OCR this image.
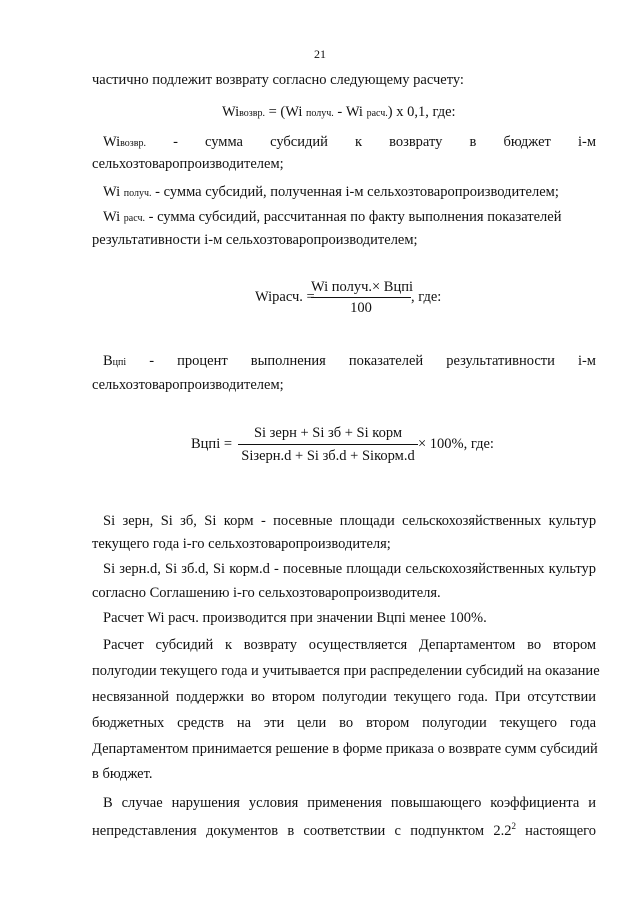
21
частично подлежит возврату согласно следующему расчету:
Wiвозвр. = (Wi получ. - Wi расч.) x 0,1, где:
Wiвозвр. - сумма субсидий к возврату в бюджет i-м
сельхозтоваропроизводителем;
Wi получ. - сумма субсидий, полученная i-м сельхозтоваропроизводителем;
Wi расч. - сумма субсидий, рассчитанная по факту выполнения показателей
результативности i-м сельхозтоваропроизводителем;
Wiрасч. =
Wi получ.× Вцпi
100
, где:
Вцпi - процент выполнения показателей результативности i-м
сельхозтоваропроизводителем;
Вцпi =
Si зерн + Si зб + Si корм
Siзерн.d + Si зб.d + Siкорм.d
× 100%, где:
Si зерн, Si зб, Si корм - посевные площади сельскохозяйственных культур
текущего года i-го сельхозтоваропроизводителя;
Si зерн.d, Si зб.d, Si корм.d - посевные площади сельскохозяйственных культур
согласно Соглашению i-го сельхозтоваропроизводителя.
Расчет Wi расч. производится при значении Вцпi менее 100%.
Расчет субсидий к возврату осуществляется Департаментом во втором
полугодии текущего года и учитывается при распределении субсидий на оказание
несвязанной поддержки во втором полугодии текущего года. При отсутствии
бюджетных средств на эти цели во втором полугодии текущего года
Департаментом принимается решение в форме приказа о возврате сумм субсидий
в бюджет.
В случае нарушения условия применения повышающего коэффициента и
непредставления документов в соответствии с подпунктом $2.2^2$ настоящего
